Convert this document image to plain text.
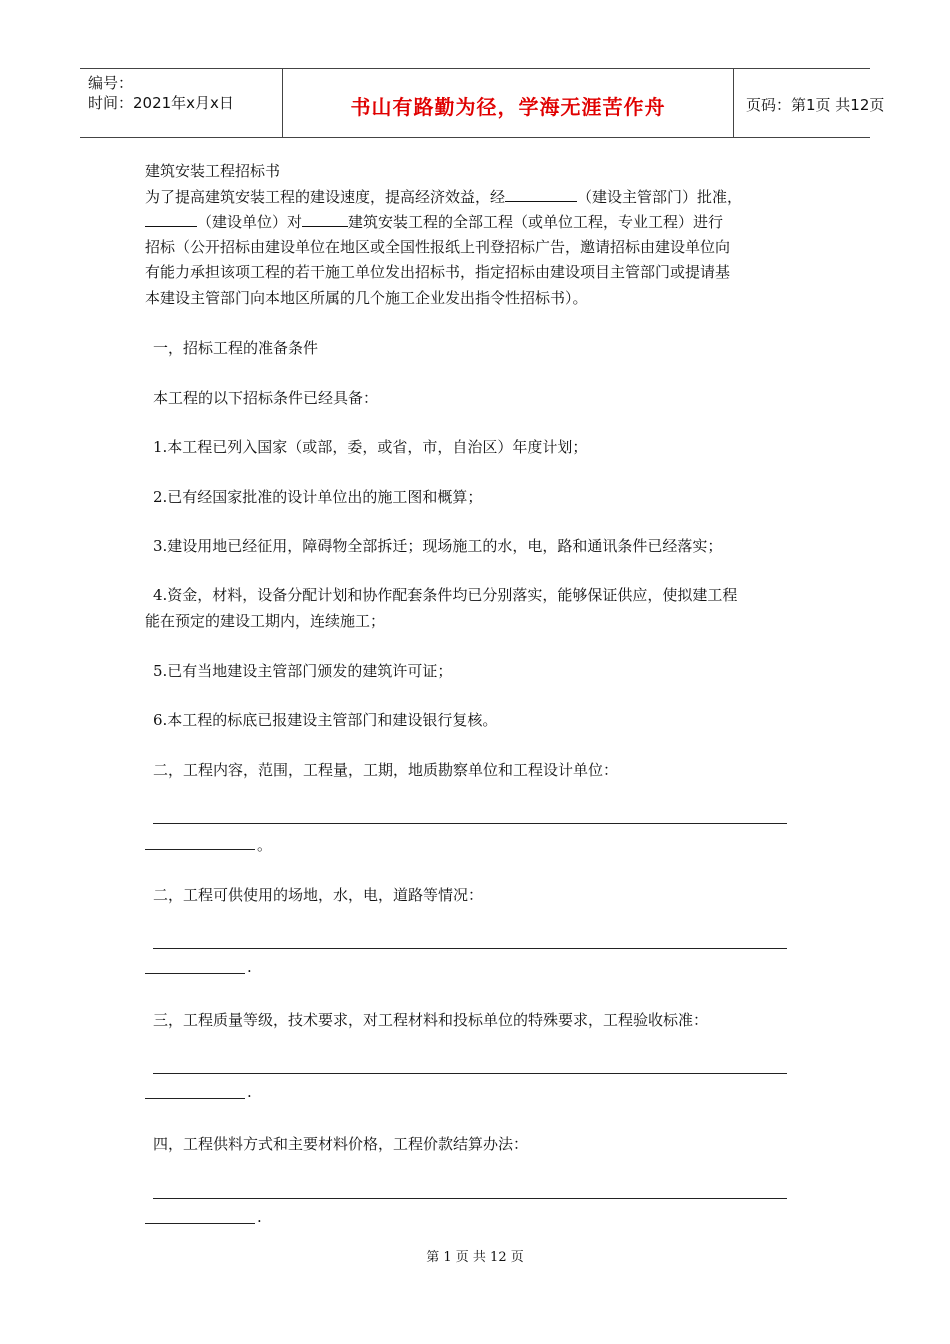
编号：
时间：2021年x月x日	书山有路勤为径，学海无涯苦作舟	页码：第1页 共12页
建筑安装工程招标书
为了提高建筑安装工程的建设速度，提高经济效益，经	（建设主管部门）批准，
（建设单位）对	建筑安装工程的全部工程（或单位工程，专业工程）进行
招标（公开招标由建设单位在地区或全国性报纸上刊登招标广告，邀请招标由建设单位向
有能力承担该项工程的若干施工单位发出招标书，指定招标由建设项目主管部门或提请基
本建设主管部门向本地区所属的几个施工企业发出指令性招标书）。
一，招标工程的准备条件
本工程的以下招标条件已经具备：
1.本工程已列入国家（或部，委，或省，市，自治区）年度计划；
2.已有经国家批准的设计单位出的施工图和概算；
3.建设用地已经征用，障碍物全部拆迁；现场施工的水，电，路和通讯条件已经落实；
4.资金，材料，设备分配计划和协作配套条件均已分别落实，能够保证供应，使拟建工程
能在预定的建设工期内，连续施工；
5.已有当地建设主管部门颁发的建筑许可证；
6.本工程的标底已报建设主管部门和建设银行复核。
二，工程内容，范围，工程量，工期，地质勘察单位和工程设计单位：
。
二，工程可供使用的场地，水，电，道路等情况：
.
三，工程质量等级，技术要求，对工程材料和投标单位的特殊要求，工程验收标准：
.
四，工程供料方式和主要材料价格，工程价款结算办法：
.
第 1 页 共 12 页
